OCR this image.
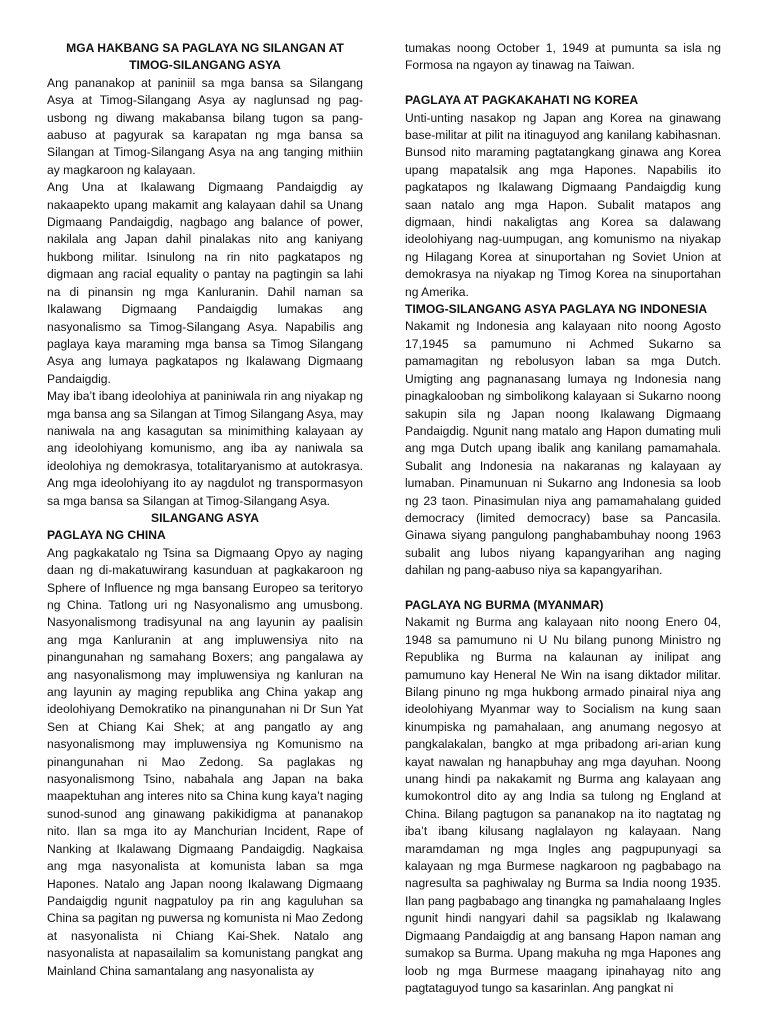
MGA HAKBANG SA PAGLAYA NG SILANGAN AT

TIMOG-SILANGANG ASYA

Ang pananakop at paniniil sa mga bansa sa Silangang Asya at Timog-Silangang Asya ay naglunsad ng pag-usbong ng diwang makabansa bilang tugon sa pang-aabuso at pagyurak sa karapatan ng mga bansa sa Silangan at Timog-Silangang Asya na ang tanging mithiin ay magkaroon ng kalayaan.

Ang Una at Ikalawang Digmaang Pandaigdig ay nakaapekto upang makamit ang kalayaan dahil sa Unang Digmaang Pandaigdig, nagbago ang balance of power, nakilala ang Japan dahil pinalakas nito ang kaniyang hukbong militar. Isinulong na rin nito pagkatapos ng digmaan ang racial equality o pantay na pagtingin sa lahi na di pinansin ng mga Kanluranin. Dahil naman sa Ikalawang Digmaang Pandaigdig lumakas ang nasyonalismo sa Timog-Silangang Asya. Napabilis ang paglaya kaya maraming mga bansa sa Timog Silangang Asya ang lumaya pagkatapos ng Ikalawang Digmaang Pandaigdig.

May iba’t ibang ideolohiya at paniniwala rin ang niyakap ng mga bansa ang sa Silangan at Timog Silangang Asya, may naniwala na ang kasagutan sa minimithing kalayaan ay ang ideolohiyang komunismo, ang iba ay naniwala sa ideolohiya ng demokrasya, totalitaryanismo at autokrasya. Ang mga ideolohiyang ito ay nagdulot ng transpormasyon sa mga bansa sa Silangan at Timog-Silangang Asya.

SILANGANG ASYA

PAGLAYA NG CHINA

Ang pagkakatalo ng Tsina sa Digmaang Opyo ay naging daan ng di-makatuwirang kasunduan at pagkakaroon ng Sphere of Influence ng mga bansang Europeo sa teritoryo ng China. Tatlong uri ng Nasyonalismo ang umusbong. Nasyonalismong tradisyunal na ang layunin ay paalisin ang mga Kanluranin at ang impluwensiya nito na pinangunahan ng samahang Boxers; ang pangalawa ay ang nasyonalismong may impluwensiya ng kanluran na ang layunin ay maging republika ang China yakap ang ideolohiyang Demokratiko na pinangunahan ni Dr Sun Yat Sen at Chiang Kai Shek; at ang pangatlo ay ang nasyonalismong may impluwensiya ng Komunismo na pinangunahan ni Mao Zedong. Sa paglakas ng nasyonalismong Tsino, nabahala ang Japan na baka maapektuhan ang interes nito sa China kung kaya’t naging sunod-sunod ang ginawang pakikidigma at pananakop nito. Ilan sa mga ito ay Manchurian Incident, Rape of Nanking at Ikalawang Digmaang Pandaigdig. Nagkaisa ang mga nasyonalista at komunista laban sa mga Hapones. Natalo ang Japan noong Ikalawang Digmaang Pandaigdig ngunit nagpatuloy pa rin ang kaguluhan sa China sa pagitan ng puwersa ng komunista ni Mao Zedong at nasyonalista ni Chiang Kai-Shek. Natalo ang nasyonalista at napasailalim sa komunistang pangkat ang Mainland China samantalang ang nasyonalista ay

tumakas noong October 1, 1949 at pumunta sa isla ng Formosa na ngayon ay tinawag na Taiwan.

PAGLAYA AT PAGKAKAHATI NG KOREA

Unti-unting nasakop ng Japan ang Korea na ginawang base-militar at pilit na itinaguyod ang kanilang kabihasnan. Bunsod nito maraming pagtatangkang ginawa ang Korea upang mapatalsik ang mga Hapones. Napabilis ito pagkatapos ng Ikalawang Digmaang Pandaigdig kung saan natalo ang mga Hapon. Subalit matapos ang digmaan, hindi nakaligtas ang Korea sa dalawang ideolohiyang nag-uumpugan, ang komunismo na niyakap ng Hilagang Korea at sinuportahan ng Soviet Union at demokrasya na niyakap ng Timog Korea na sinuportahan ng Amerika.

TIMOG-SILANGANG ASYA PAGLAYA NG INDONESIA

Nakamit ng Indonesia ang kalayaan nito noong Agosto 17,1945 sa pamumuno ni Achmed Sukarno sa pamamagitan ng rebolusyon laban sa mga Dutch. Umigting ang pagnanasang lumaya ng Indonesia nang pinagkalooban ng simbolikong kalayaan si Sukarno noong sakupin sila ng Japan noong Ikalawang Digmaang Pandaigdig. Ngunit nang matalo ang Hapon dumating muli ang mga Dutch upang ibalik ang kanilang pamamahala. Subalit ang Indonesia na nakaranas ng kalayaan ay lumaban. Pinamunuan ni Sukarno ang Indonesia sa loob ng 23 taon. Pinasimulan niya ang pamamahalang guided democracy (limited democracy) base sa Pancasila. Ginawa siyang pangulong panghabambuhay noong 1963 subalit ang lubos niyang kapangyarihan ang naging dahilan ng pang-aabuso niya sa kapangyarihan.

PAGLAYA NG BURMA (MYANMAR)

Nakamit ng Burma ang kalayaan nito noong Enero 04, 1948 sa pamumuno ni U Nu bilang punong Ministro ng Republika ng Burma na kalaunan ay inilipat ang pamumuno kay Heneral Ne Win na isang diktador militar. Bilang pinuno ng mga hukbong armado pinairal niya ang ideolohiyang Myanmar way to Socialism na kung saan kinumpiska ng pamahalaan, ang anumang negosyo at pangkalakalan, bangko at mga pribadong ari-arian kung kayat nawalan ng hanapbuhay ang mga dayuhan. Noong unang hindi pa nakakamit ng Burma ang kalayaan ang kumokontrol dito ay ang India sa tulong ng England at China. Bilang pagtugon sa pananakop na ito nagtatag ng iba’t ibang kilusang naglalayon ng kalayaan. Nang maramdaman ng mga Ingles ang pagpupunyagi sa kalayaan ng mga Burmese nagkaroon ng pagbabago na nagresulta sa paghiwalay ng Burma sa India noong 1935. Ilan pang pagbabago ang tinangka ng pamahalaang Ingles ngunit hindi nangyari dahil sa pagsiklab ng Ikalawang Digmaang Pandaigdig at ang bansang Hapon naman ang sumakop sa Burma. Upang makuha ng mga Hapones ang loob ng mga Burmese maagang ipinahayag nito ang pagtataguyod tungo sa kasarinlan. Ang pangkat ni
